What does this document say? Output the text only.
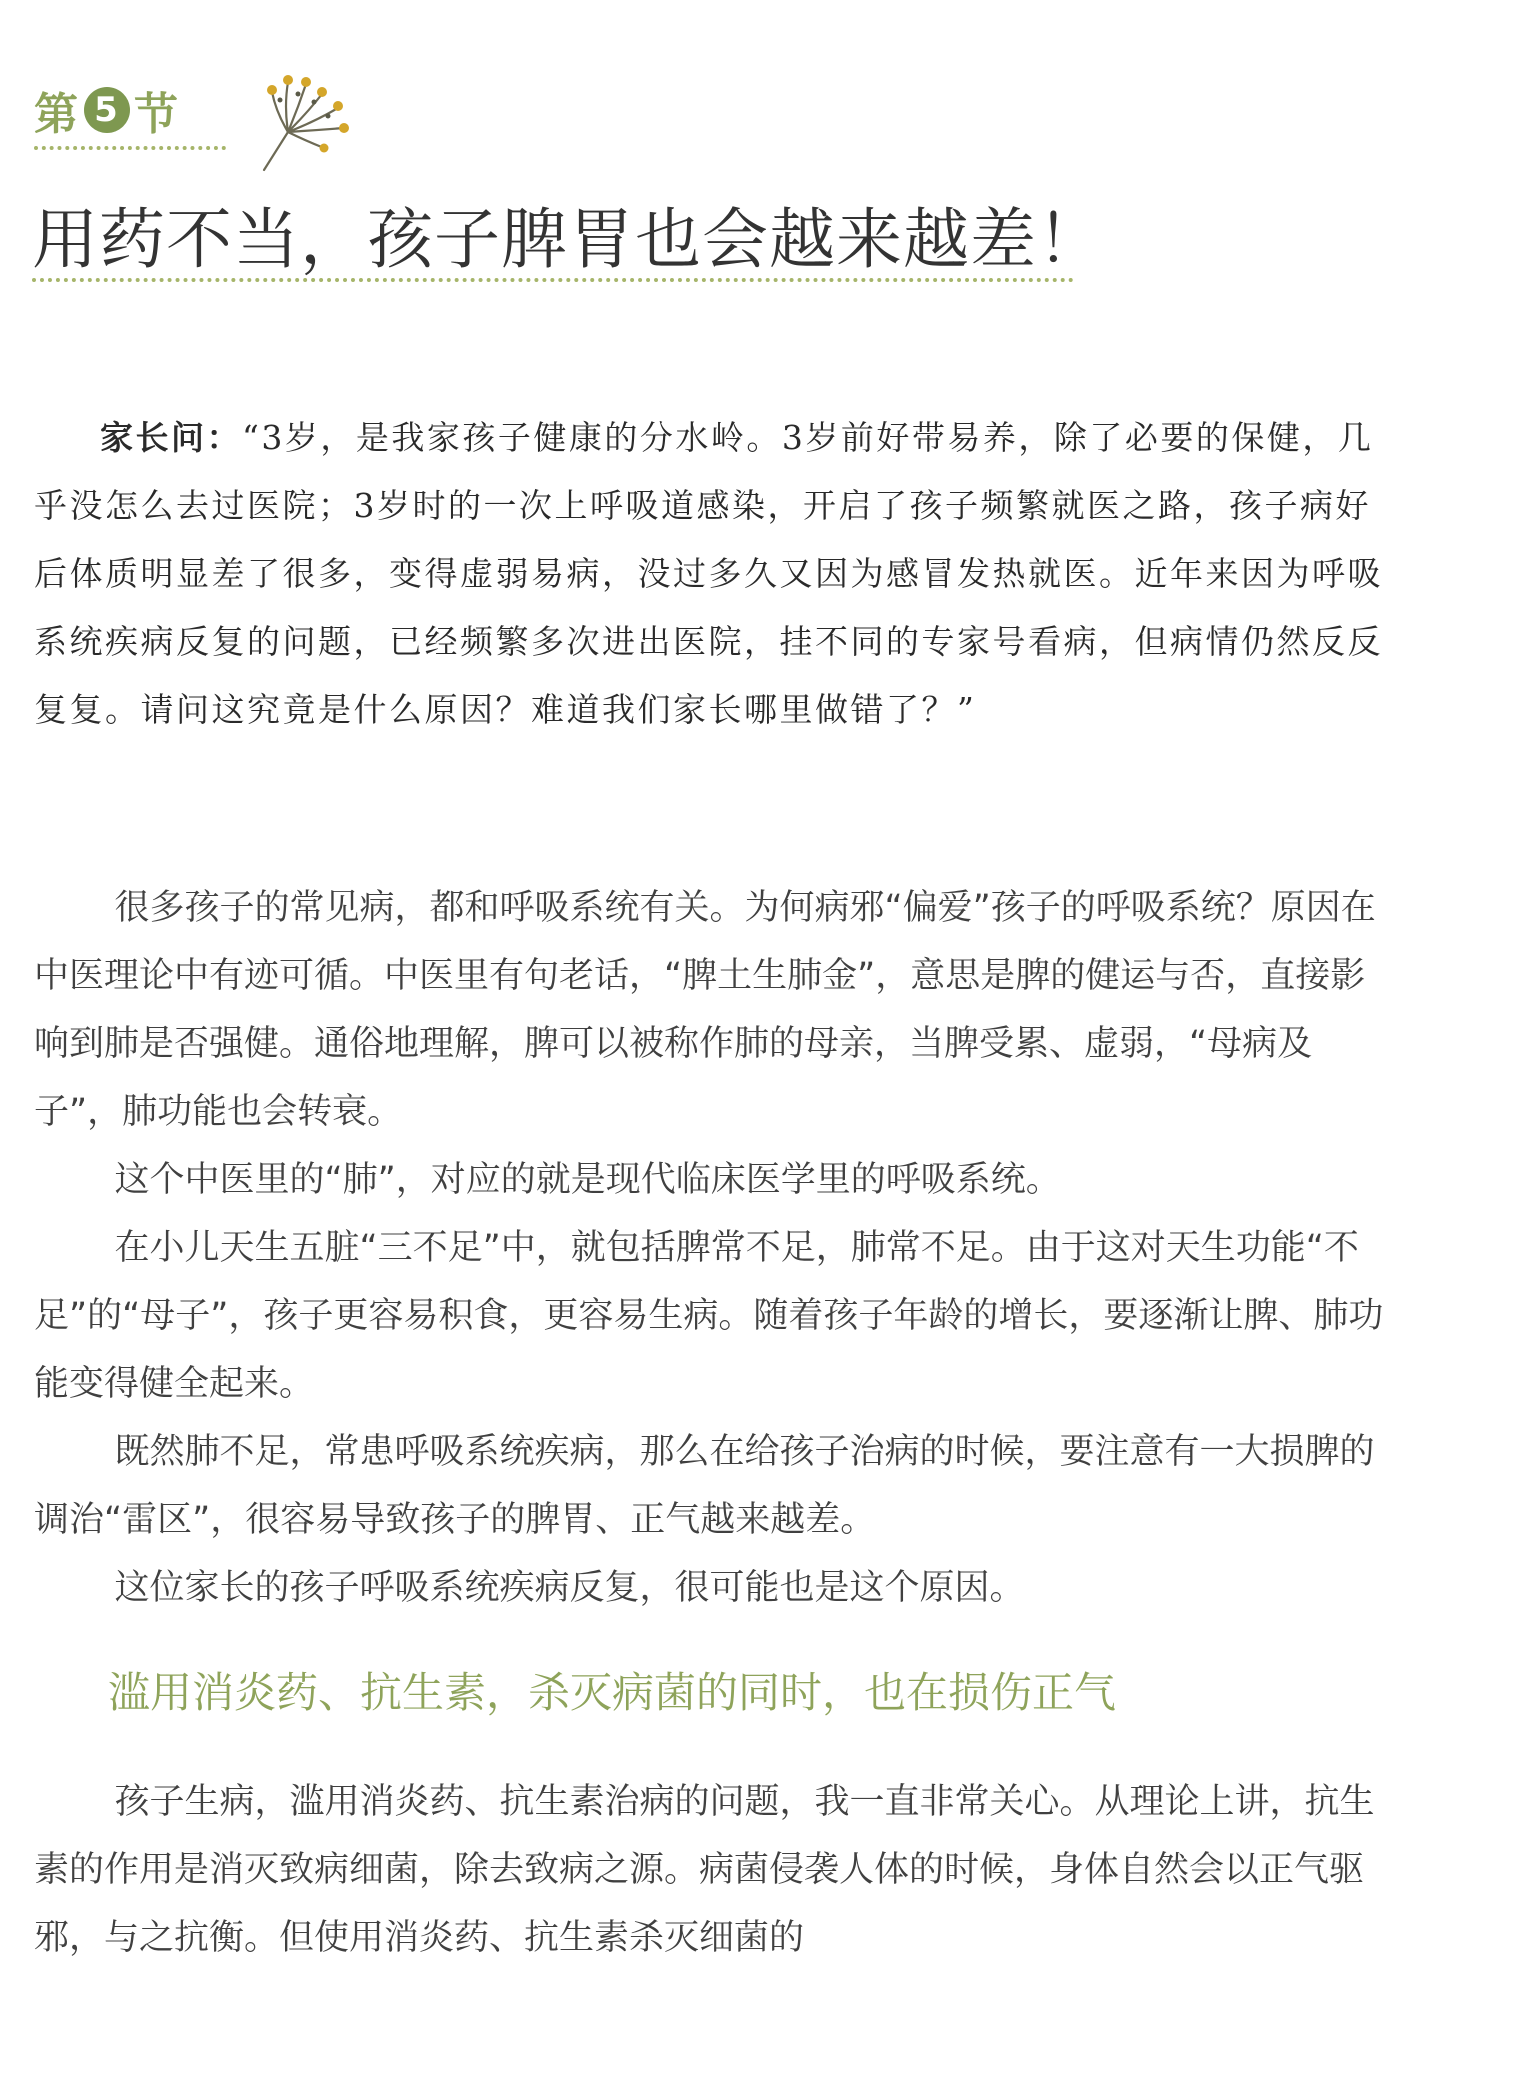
第 5 节
用药不当，孩子脾胃也会越来越差！

家长问：“3岁，是我家孩子健康的分水岭。3岁前好带易养，除了必要的保健，几乎没怎么去过医院；3岁时的一次上呼吸道感染，开启了孩子频繁就医之路，孩子病好后体质明显差了很多，变得虚弱易病，没过多久又因为感冒发热就医。近年来因为呼吸系统疾病反复的问题，已经频繁多次进出医院，挂不同的专家号看病，但病情仍然反反复复。请问这究竟是什么原因？难道我们家长哪里做错了？”

很多孩子的常见病，都和呼吸系统有关。为何病邪“偏爱”孩子的呼吸系统？原因在中医理论中有迹可循。中医里有句老话，“脾土生肺金”，意思是脾的健运与否，直接影响到肺是否强健。通俗地理解，脾可以被称作肺的母亲，当脾受累、虚弱，“母病及子”，肺功能也会转衰。

这个中医里的“肺”，对应的就是现代临床医学里的呼吸系统。

在小儿天生五脏“三不足”中，就包括脾常不足，肺常不足。由于这对天生功能“不足”的“母子”，孩子更容易积食，更容易生病。随着孩子年龄的增长，要逐渐让脾、肺功能变得健全起来。

既然肺不足，常患呼吸系统疾病，那么在给孩子治病的时候，要注意有一大损脾的调治“雷区”，很容易导致孩子的脾胃、正气越来越差。

这位家长的孩子呼吸系统疾病反复，很可能也是这个原因。

滥用消炎药、抗生素，杀灭病菌的同时，也在损伤正气

孩子生病，滥用消炎药、抗生素治病的问题，我一直非常关心。从理论上讲，抗生素的作用是消灭致病细菌，除去致病之源。病菌侵袭人体的时候，身体自然会以正气驱邪，与之抗衡。但使用消炎药、抗生素杀灭细菌的
